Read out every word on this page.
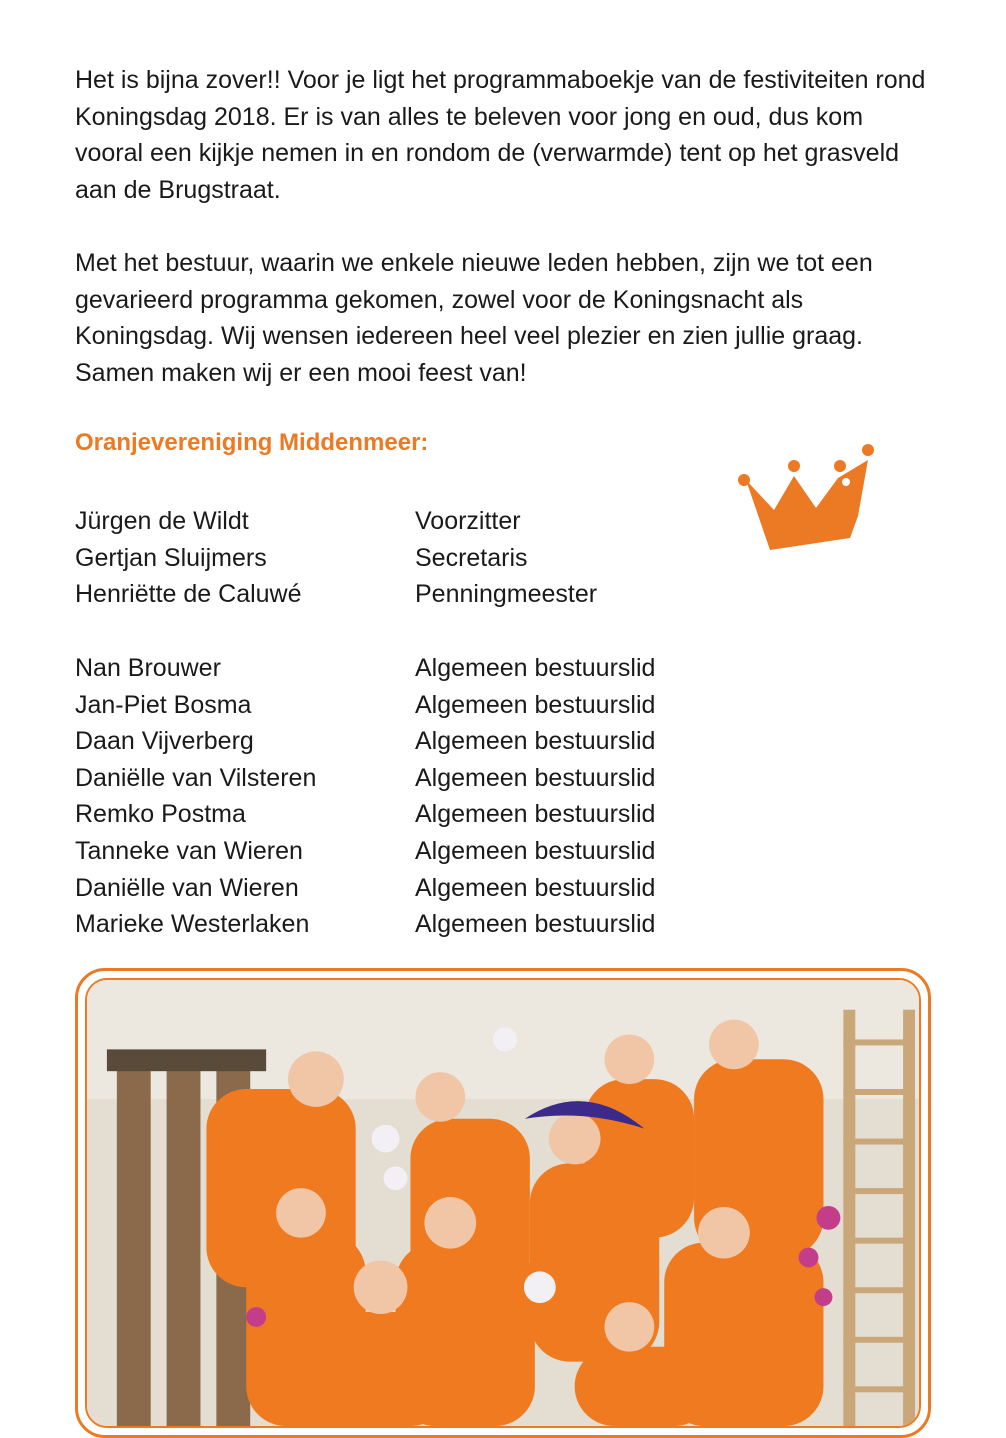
Het is bijna zover!! Voor je ligt het programmaboekje van de festiviteiten rond Koningsdag 2018. Er is van alles te beleven voor jong en oud, dus kom vooral een kijkje nemen in en rondom de (verwarmde) tent op het grasveld aan de Brugstraat.

Met het bestuur, waarin we enkele nieuwe leden hebben, zijn we tot een gevarieerd programma gekomen, zowel voor de Koningsnacht als Koningsdag. Wij wensen iedereen heel veel plezier en zien jullie graag. Samen maken wij er een mooi feest van!

Oranjevereniging Middenmeer:
Jürgen de Wildt	Voorzitter
Gertjan Sluijmers	Secretaris
Henriëtte de Caluwé	Penningmeester
Nan Brouwer	Algemeen bestuurslid
Jan-Piet Bosma	Algemeen bestuurslid
Daan Vijverberg	Algemeen bestuurslid
Daniëlle van Vilsteren	Algemeen bestuurslid
Remko Postma	Algemeen bestuurslid
Tanneke van Wieren	Algemeen bestuurslid
Daniëlle van Wieren	Algemeen bestuurslid
Marieke Westerlaken	Algemeen bestuurslid
